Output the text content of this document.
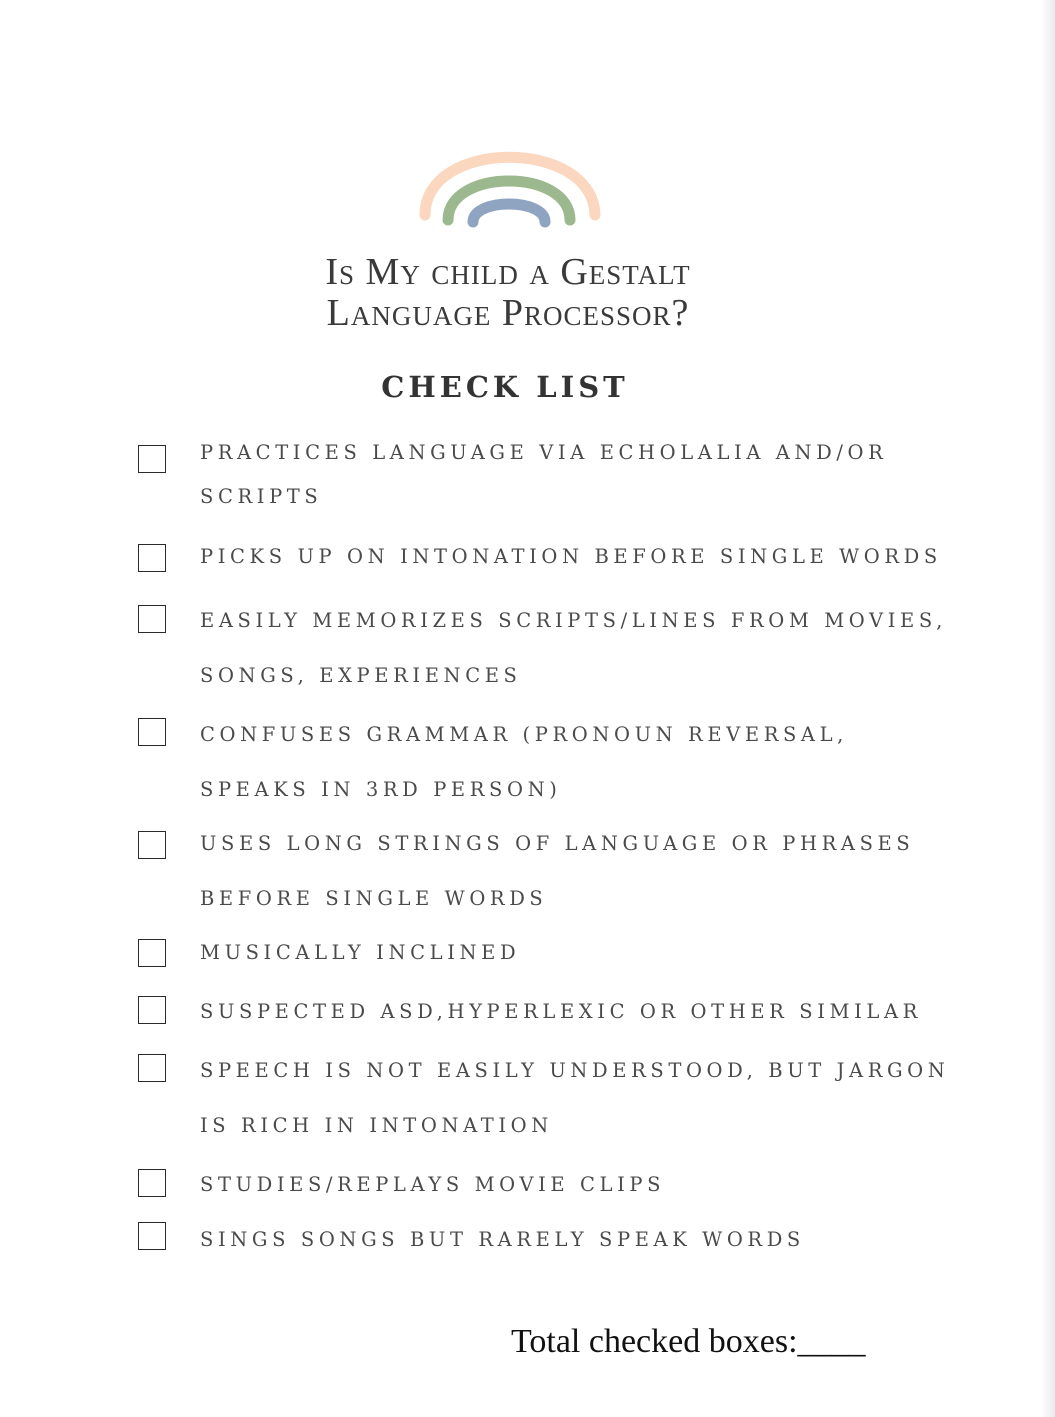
Is My child a Gestalt
Language Processor?
CHECK LIST
PRACTICES LANGUAGE VIA ECHOLALIA AND/OR
SCRIPTS
PICKS UP ON INTONATION BEFORE SINGLE WORDS
EASILY MEMORIZES SCRIPTS/LINES FROM MOVIES,
SONGS, EXPERIENCES
CONFUSES GRAMMAR (PRONOUN REVERSAL,
SPEAKS IN 3RD PERSON)
USES LONG STRINGS OF LANGUAGE OR PHRASES
BEFORE SINGLE WORDS
MUSICALLY INCLINED
SUSPECTED ASD,HYPERLEXIC OR OTHER SIMILAR
SPEECH IS NOT EASILY UNDERSTOOD, BUT JARGON
IS RICH IN INTONATION
STUDIES/REPLAYS MOVIE CLIPS
SINGS SONGS BUT RARELY SPEAK WORDS
Total checked boxes:____
